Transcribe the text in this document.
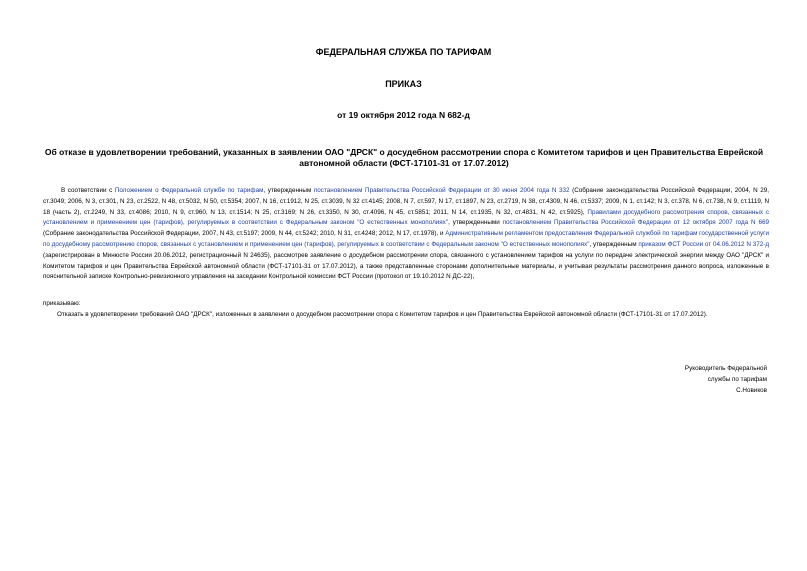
ФЕДЕРАЛЬНАЯ СЛУЖБА ПО ТАРИФАМ
ПРИКАЗ
от 19 октября 2012 года N 682-д
Об отказе в удовлетворении требований, указанных в заявлении ОАО "ДРСК" о досудебном рассмотрении спора с Комитетом тарифов и цен Правительства Еврейской автономной области (ФСТ-17101-31 от 17.07.2012)

В соответствии с Положением о Федеральной службе по тарифам, утвержденным постановлением Правительства Российской Федерации от 30 июня 2004 года N 332 (Собрание законодательства Российской Федерации, 2004, N 29, ст.3049; 2006, N 3, ст.301, N 23, ст.2522, N 48, ст.5032, N 50, ст.5354; 2007, N 16, ст.1912, N 25, ст.3039, N 32 ст.4145; 2008, N 7, ст.597, N 17, ст.1897, N 23, ст.2719, N 38, ст.4309, N 46, ст.5337; 2009, N 1, ст.142; N 3, ст.378, N 6, ст.738, N 9, ст.1119, N 18 (часть 2), ст.2249, N 33, ст.4086; 2010, N 9, ст.960, N 13, ст.1514; N 25, ст.3169; N 26, ст.3350, N 30, ст.4096, N 45, ст.5851; 2011, N 14, ст.1935, N 32, ст.4831, N 42, ст.5925), Правилами досудебного рассмотрения споров, связанных с установлением и применением цен (тарифов), регулируемых в соответствии с Федеральным законом "О естественных монополиях", утвержденными постановлением Правительства Российской Федерации от 12 октября 2007 года N 669 (Собрание законодательства Российской Федерации, 2007, N 43, ст.5197; 2009, N 44, ст.5242; 2010, N 31, ст.4248; 2012, N 17, ст.1978), и Административным регламентом предоставления Федеральной службой по тарифам государственной услуги по досудебному рассмотрению споров, связанных с установлением и применением цен (тарифов), регулируемых в соответствии с Федеральным законом "О естественных монополиях", утвержденным приказом ФСТ России от 04.06.2012 N 372-д (зарегистрирован в Минюсте России 20.06.2012, регистрационный N 24635), рассмотрев заявление о досудебном рассмотрении спора, связанного с установлением тарифов на услуги по передаче электрической энергии между ОАО "ДРСК" и Комитетом тарифов и цен Правительства Еврейской автономной области (ФСТ-17101-31 от 17.07.2012), а также представленные сторонами дополнительные материалы, и учитывая результаты рассмотрения данного вопроса, изложенные в пояснительной записке Контрольно-ревизионного управления на заседании Контрольной комиссии ФСТ России (протокол от 19.10.2012 N ДС-22),

приказываю:

Отказать в удовлетворении требований ОАО "ДРСК", изложенных в заявлении о досудебном рассмотрении спора с Комитетом тарифов и цен Правительства Еврейской автономной области (ФСТ-17101-31 от 17.07.2012).

Руководитель Федеральной
службы по тарифам
С.Новиков
